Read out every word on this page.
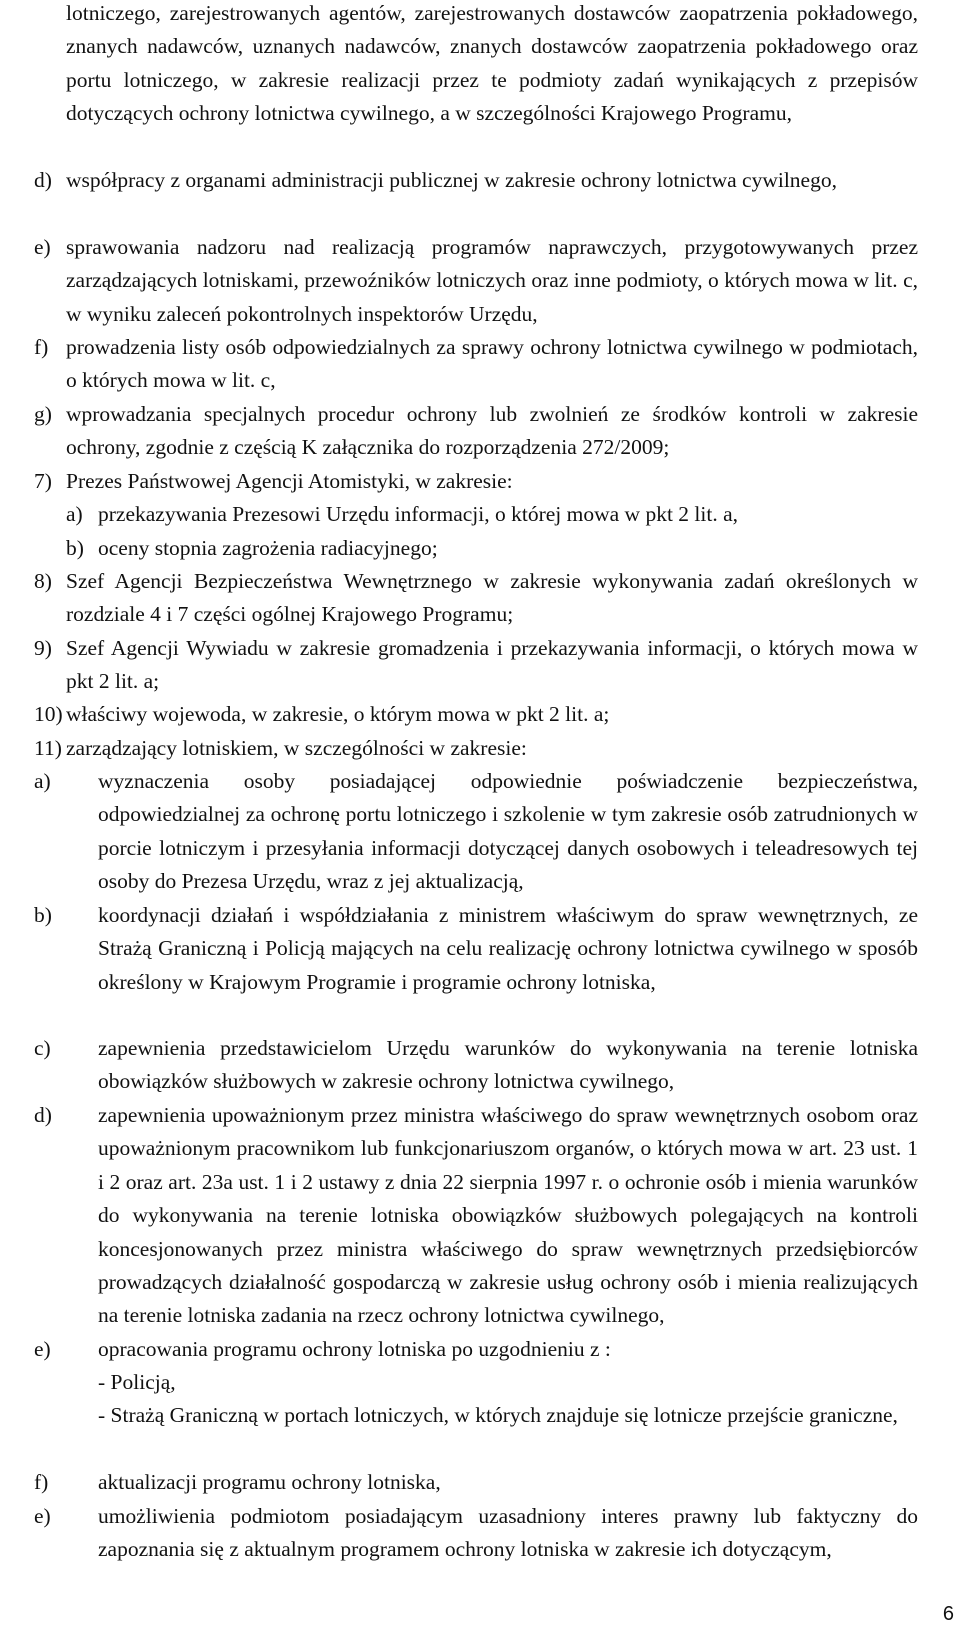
lotniczego, zarejestrowanych agentów, zarejestrowanych dostawców zaopatrzenia pokładowego, znanych nadawców, uznanych nadawców, znanych dostawców zaopatrzenia pokładowego oraz portu lotniczego, w zakresie realizacji przez te podmioty zadań wynikających z przepisów dotyczących ochrony lotnictwa cywilnego, a w szczególności Krajowego Programu,

d) współpracy z organami administracji publicznej w zakresie ochrony lotnictwa cywilnego,

e) sprawowania nadzoru nad realizacją programów naprawczych, przygotowywanych przez zarządzających lotniskami, przewoźników lotniczych oraz inne podmioty, o których mowa w lit. c, w wyniku zaleceń pokontrolnych inspektorów Urzędu,

f) prowadzenia listy osób odpowiedzialnych za sprawy ochrony lotnictwa cywilnego w podmiotach, o których mowa w lit. c,

g) wprowadzania specjalnych procedur ochrony lub zwolnień ze środków kontroli w zakresie ochrony, zgodnie z częścią K załącznika do rozporządzenia 272/2009;

7) Prezes Państwowej Agencji Atomistyki, w zakresie:

a) przekazywania Prezesowi Urzędu informacji, o której mowa w pkt 2 lit. a,

b) oceny stopnia zagrożenia radiacyjnego;

8) Szef Agencji Bezpieczeństwa Wewnętrznego w zakresie wykonywania zadań określonych w rozdziale 4 i 7 części ogólnej Krajowego Programu;

9) Szef Agencji Wywiadu w zakresie gromadzenia i przekazywania informacji, o których mowa w pkt 2 lit. a;

10) właściwy wojewoda, w zakresie, o którym mowa w pkt 2 lit. a;

11) zarządzający lotniskiem, w szczególności w zakresie:

a) wyznaczenia osoby posiadającej odpowiednie poświadczenie bezpieczeństwa, odpowiedzialnej za ochronę portu lotniczego i szkolenie w tym zakresie osób zatrudnionych w porcie lotniczym i przesyłania informacji dotyczącej danych osobowych i teleadresowych tej osoby do Prezesa Urzędu, wraz z jej aktualizacją,

b) koordynacji działań i współdziałania z ministrem właściwym do spraw wewnętrznych, ze Strażą Graniczną i Policją mających na celu realizację ochrony lotnictwa cywilnego w sposób określony w Krajowym Programie i programie ochrony lotniska,

c) zapewnienia przedstawicielom Urzędu warunków do wykonywania na terenie lotniska obowiązków służbowych w zakresie ochrony lotnictwa cywilnego,

d) zapewnienia upoważnionym przez ministra właściwego do spraw wewnętrznych osobom oraz upoważnionym pracownikom lub funkcjonariuszom organów, o których mowa w art. 23 ust. 1 i 2 oraz art. 23a ust. 1 i 2 ustawy z dnia 22 sierpnia 1997 r. o ochronie osób i mienia warunków do wykonywania na terenie lotniska obowiązków służbowych polegających na kontroli koncesjonowanych przez ministra właściwego do spraw wewnętrznych przedsiębiorców prowadzących działalność gospodarczą w zakresie usług ochrony osób i mienia realizujących na terenie lotniska zadania na rzecz ochrony lotnictwa cywilnego,

e) opracowania programu ochrony lotniska po uzgodnieniu z :

- Policją,

- Strażą Graniczną w portach lotniczych, w których znajduje się lotnicze przejście graniczne,

f) aktualizacji programu ochrony lotniska,

e) umożliwienia podmiotom posiadającym uzasadniony interes prawny lub faktyczny do zapoznania się z aktualnym programem ochrony lotniska w zakresie ich dotyczącym,

6
